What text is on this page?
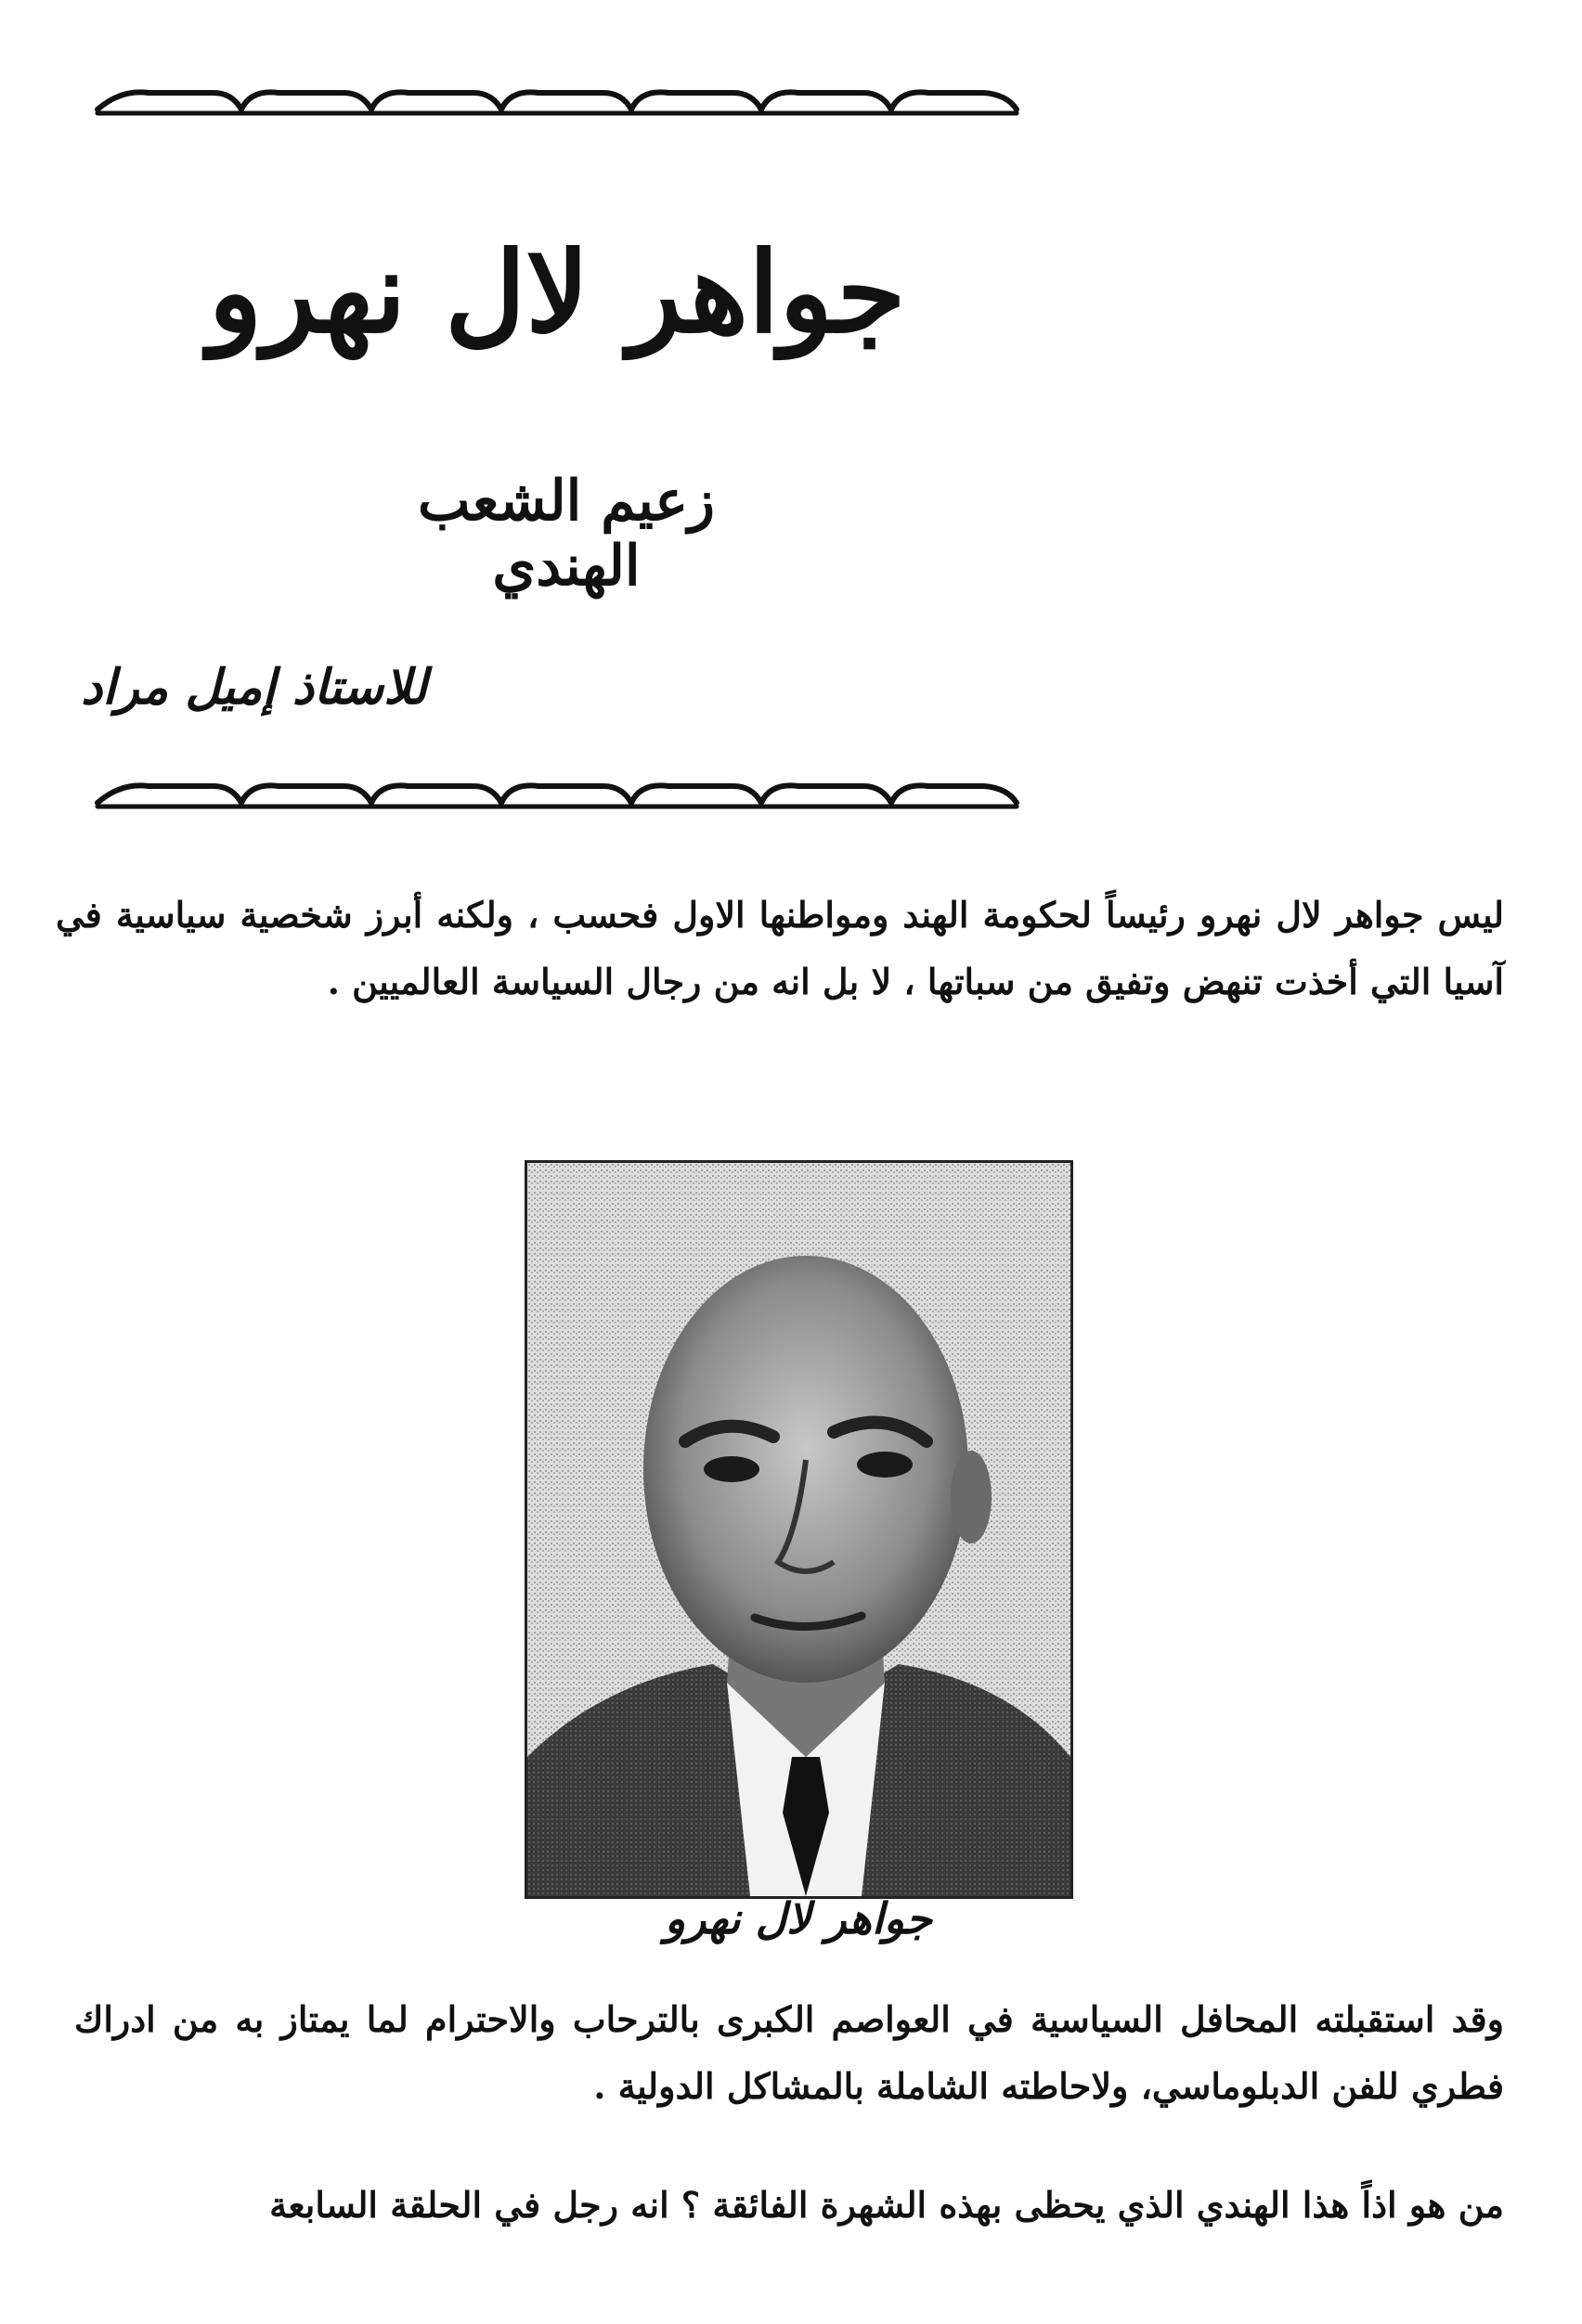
جواهر لال نهرو
زعيم الشعب الهندي
للاستاذ إميل مراد
ليس جواهر لال نهرو رئيساً لحكومة الهند ومواطنها الاول فحسب ، ولكنه أبرز شخصية سياسية في آسيا التي أخذت تنهض وتفيق من سباتها ، لا بل انه من رجال السياسة العالميين .
جواهر لال نهرو
وقد استقبلته المحافل السياسية في العواصم الكبرى بالترحاب والاحترام لما يمتاز به من ادراك فطري للفن الدبلوماسي، ولاحاطته الشاملة بالمشاكل الدولية .
من هو اذاً هذا الهندي الذي يحظى بهذه الشهرة الفائقة ؟ انه رجل في الحلقة السابعة
